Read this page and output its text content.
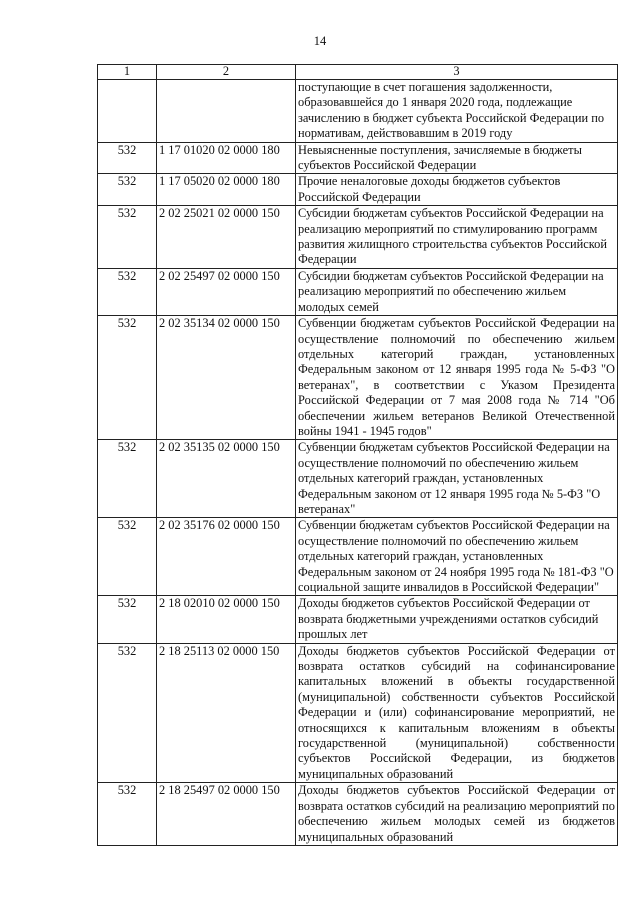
14
1	2	3
		поступающие в счет погашения задолженности, образовавшейся до 1 января 2020 года, подлежащие зачислению в бюджет субъекта Российской Федерации по нормативам, действовавшим в 2019 году
532	1 17 01020 02 0000 180	Невыясненные поступления, зачисляемые в бюджеты субъектов Российской Федерации
532	1 17 05020 02 0000 180	Прочие неналоговые доходы бюджетов субъектов Российской Федерации
532	2 02 25021 02 0000 150	Субсидии бюджетам субъектов Российской Федерации на реализацию мероприятий по стимулированию программ развития жилищного строительства субъектов Российской Федерации
532	2 02 25497 02 0000 150	Субсидии бюджетам субъектов Российской Федерации на реализацию мероприятий по обеспечению жильем молодых семей
532	2 02 35134 02 0000 150	Субвенции бюджетам субъектов Российской Федерации на осуществление полномочий по обеспечению жильем отдельных категорий граждан, установленных Федеральным законом от 12 января 1995 года № 5-ФЗ "О ветеранах", в соответствии с Указом Президента Российской Федерации от 7 мая 2008 года № 714 "Об обеспечении жильем ветеранов Великой Отечественной войны 1941 - 1945 годов"
532	2 02 35135 02 0000 150	Субвенции бюджетам субъектов Российской Федерации на осуществление полномочий по обеспечению жильем отдельных категорий граждан, установленных Федеральным законом от 12 января 1995 года № 5-ФЗ "О ветеранах"
532	2 02 35176 02 0000 150	Субвенции бюджетам субъектов Российской Федерации на осуществление полномочий по обеспечению жильем отдельных категорий граждан, установленных Федеральным законом от 24 ноября 1995 года № 181-ФЗ "О социальной защите инвалидов в Российской Федерации"
532	2 18 02010 02 0000 150	Доходы бюджетов субъектов Российской Федерации от возврата бюджетными учреждениями остатков субсидий прошлых лет
532	2 18 25113 02 0000 150	Доходы бюджетов субъектов Российской Федерации от возврата остатков субсидий на софинансирование капитальных вложений в объекты государственной (муниципальной) собственности субъектов Российской Федерации и (или) софинансирование мероприятий, не относящихся к капитальным вложениям в объекты государственной (муниципальной) собственности субъектов Российской Федерации, из бюджетов муниципальных образований
532	2 18 25497 02 0000 150	Доходы бюджетов субъектов Российской Федерации от возврата остатков субсидий на реализацию мероприятий по обеспечению жильем молодых семей из бюджетов муниципальных образований
